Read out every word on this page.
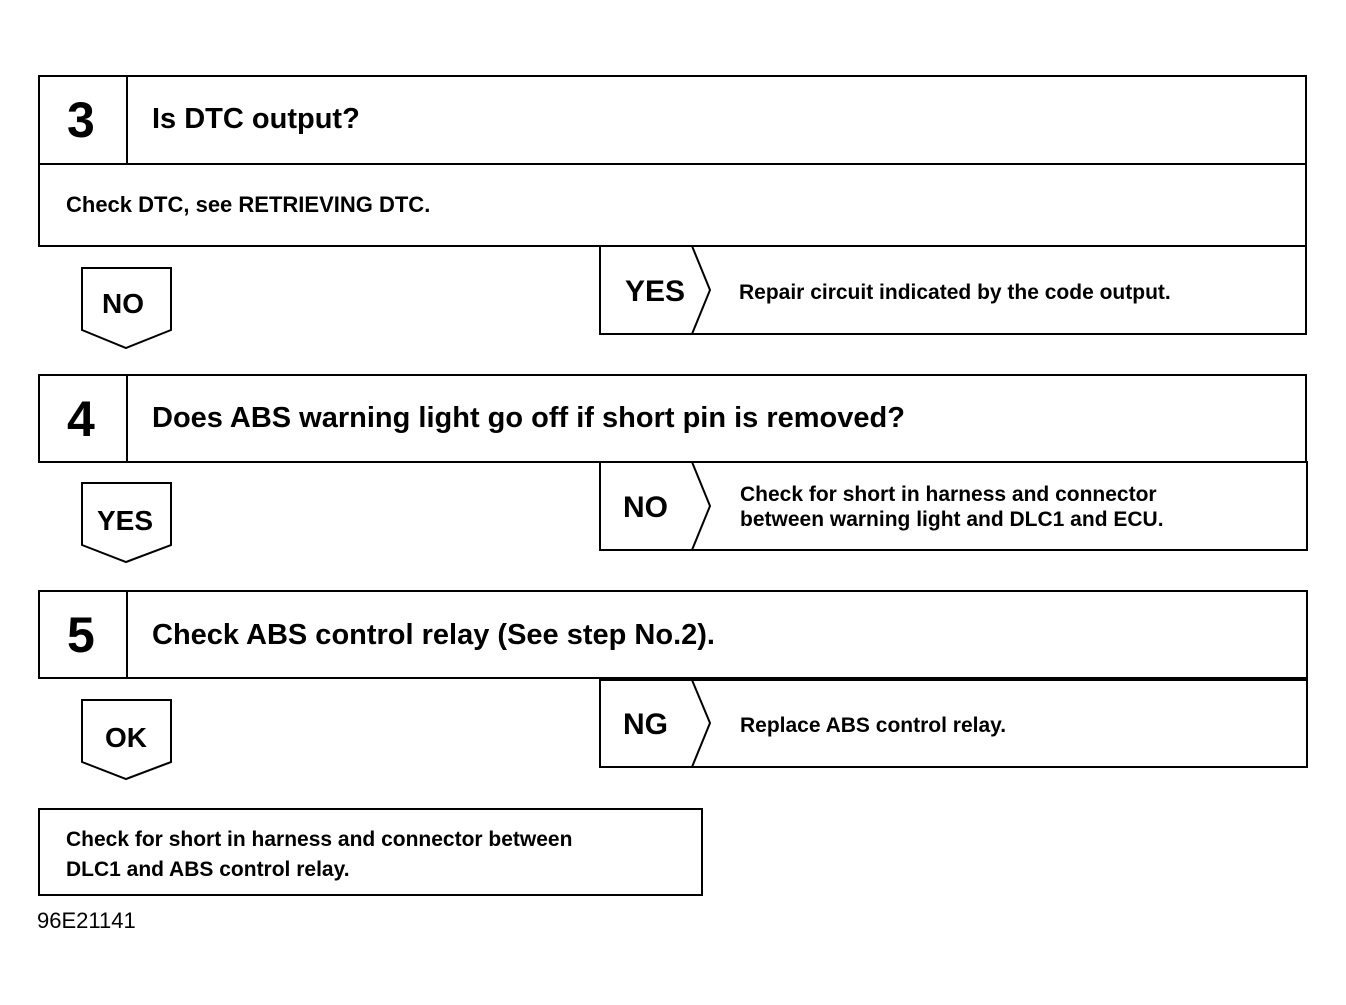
3 Is DTC output?
Check DTC, see RETRIEVING DTC.
NO	YES	Repair circuit indicated by the code output.
4 Does ABS warning light go off if short pin is removed?
YES	NO	Check for short in harness and connector
between warning light and DLC1 and ECU.
5 Check ABS control relay (See step No.2).
OK	NG	Replace ABS control relay.
Check for short in harness and connector between
DLC1 and ABS control relay.
96E21141
